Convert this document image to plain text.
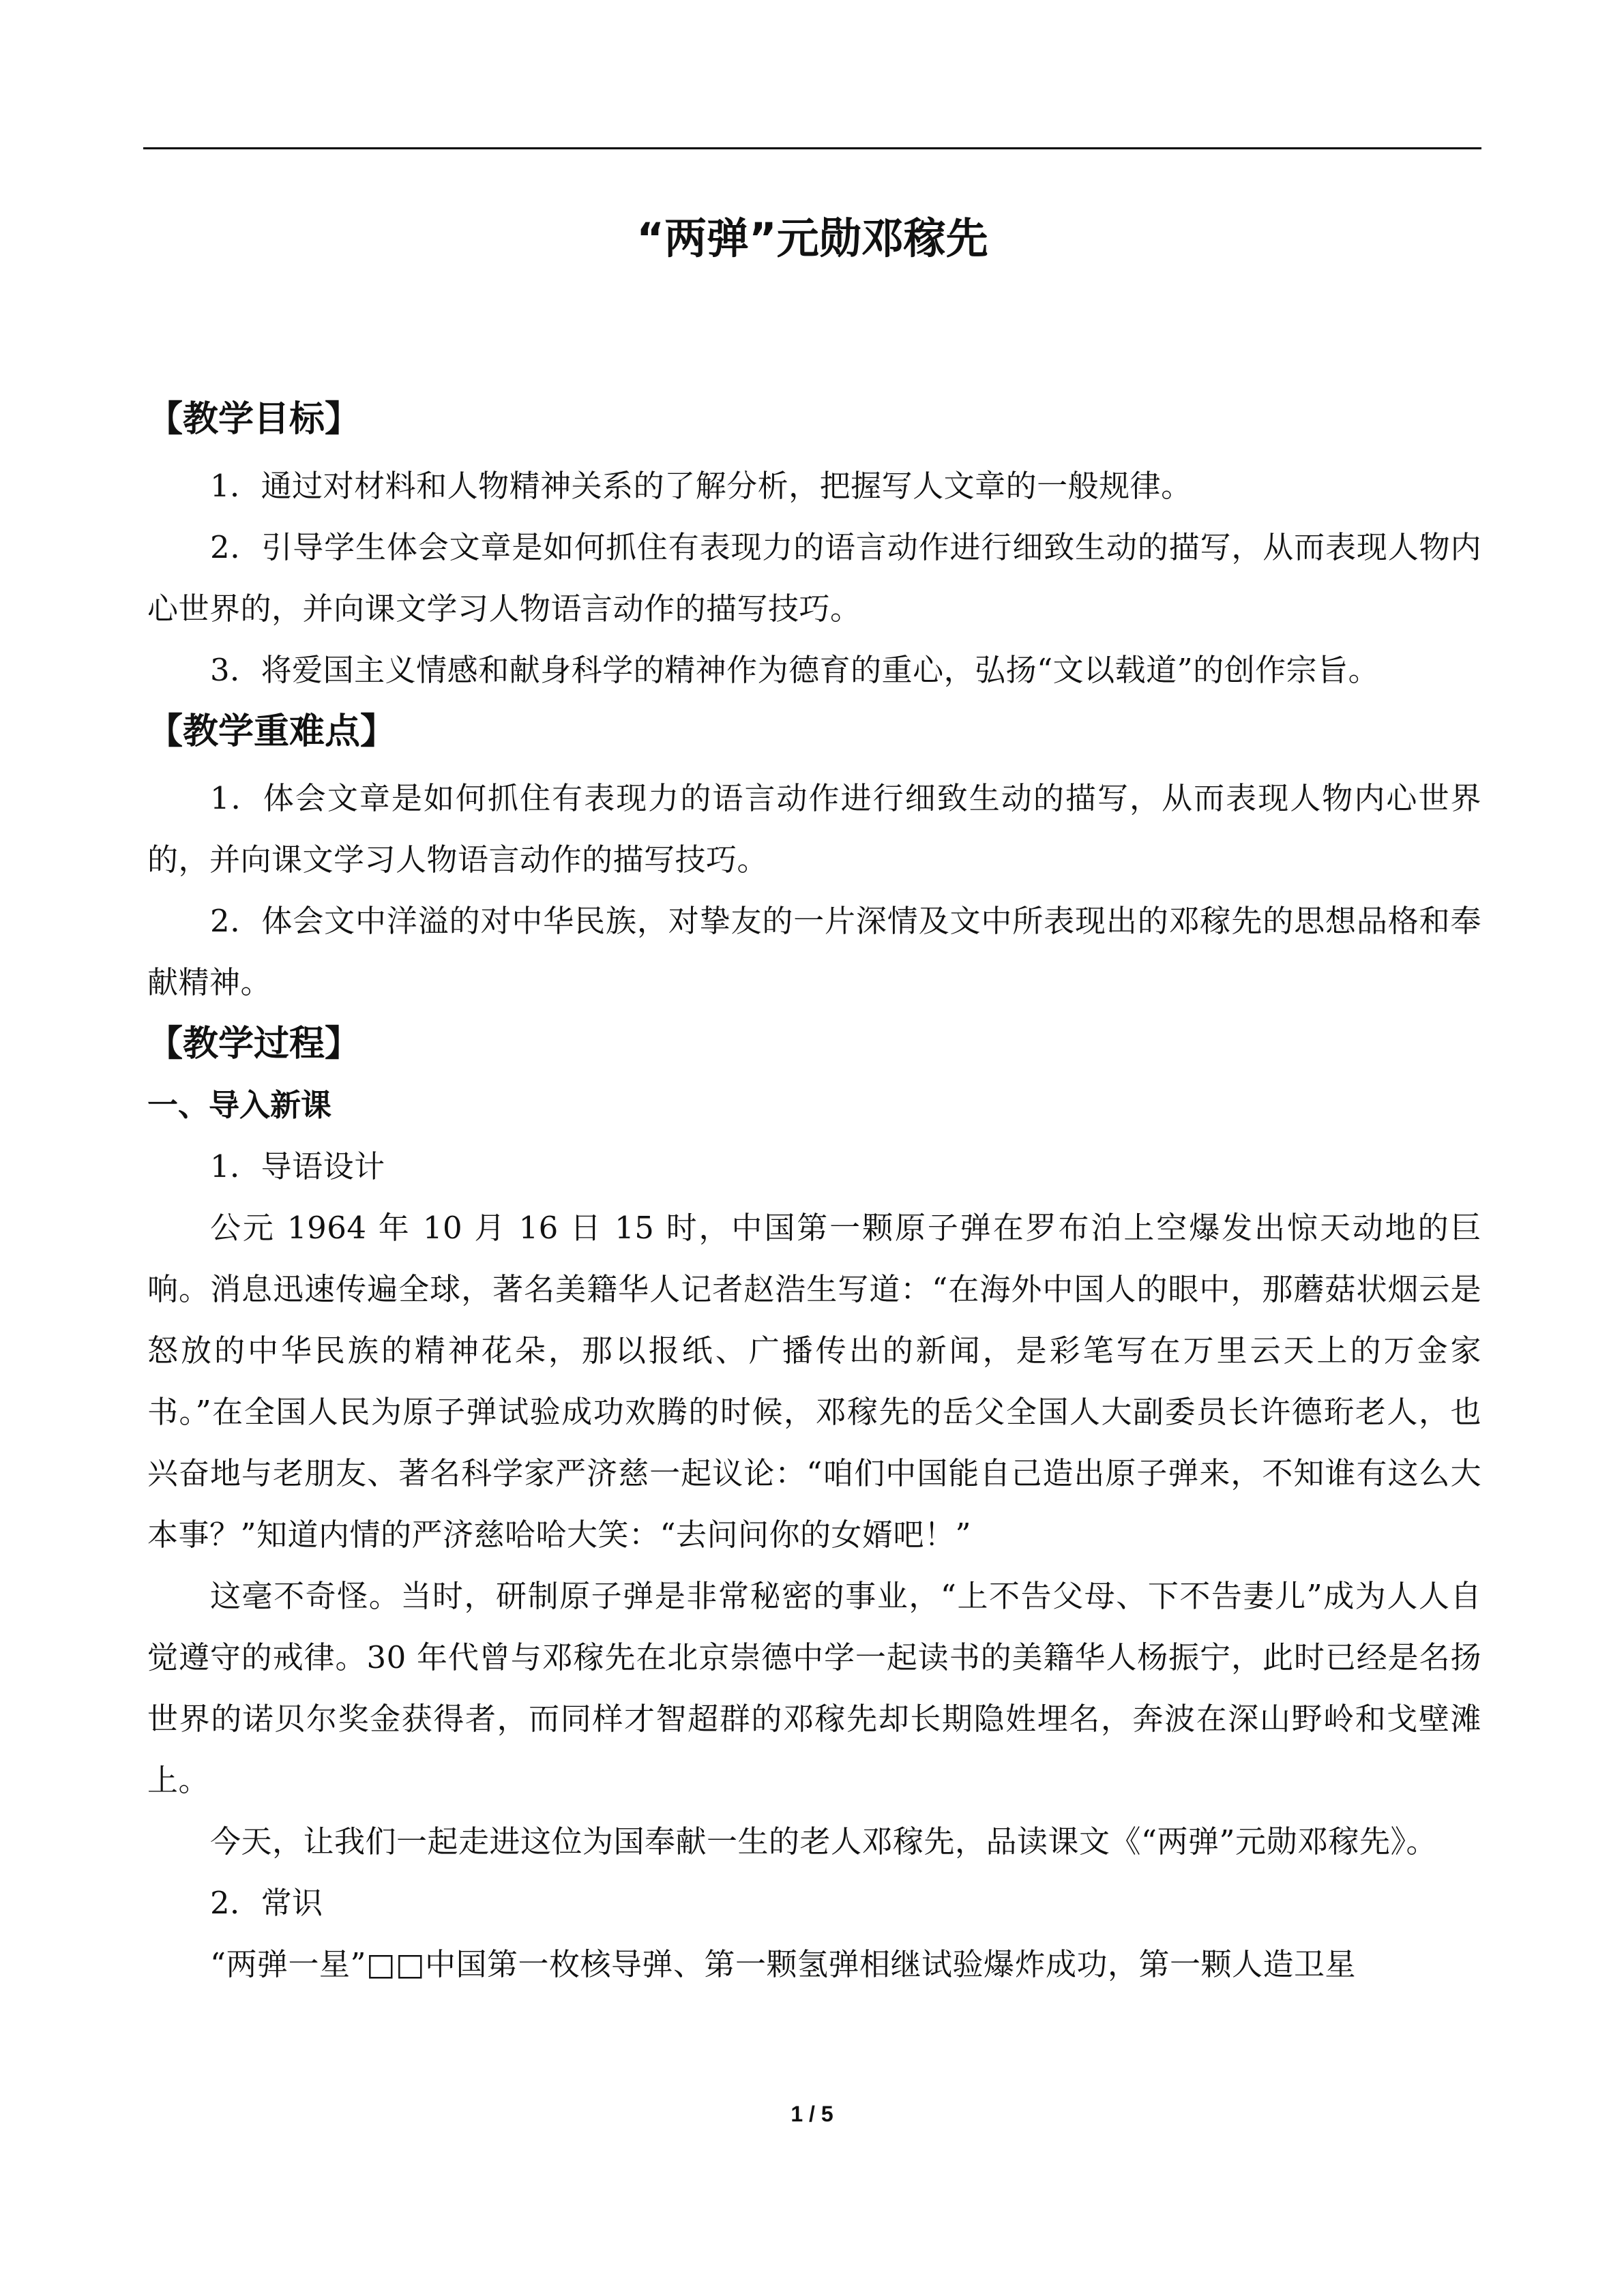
“两弹”元勋邓稼先
【教学目标】

1．通过对材料和人物精神关系的了解分析，把握写人文章的一般规律。

2．引导学生体会文章是如何抓住有表现力的语言动作进行细致生动的描写，从而表现人物内心世界的，并向课文学习人物语言动作的描写技巧。

3．将爱国主义情感和献身科学的精神作为德育的重心，弘扬“文以载道”的创作宗旨。

【教学重难点】

1．体会文章是如何抓住有表现力的语言动作进行细致生动的描写，从而表现人物内心世界的，并向课文学习人物语言动作的描写技巧。

2．体会文中洋溢的对中华民族，对挚友的一片深情及文中所表现出的邓稼先的思想品格和奉献精神。

【教学过程】
一、导入新课

1．导语设计

公元 1964 年 10 月 16 日 15 时，中国第一颗原子弹在罗布泊上空爆发出惊天动地的巨响。消息迅速传遍全球，著名美籍华人记者赵浩生写道：“在海外中国人的眼中，那蘑菇状烟云是怒放的中华民族的精神花朵，那以报纸、广播传出的新闻，是彩笔写在万里云天上的万金家书。”在全国人民为原子弹试验成功欢腾的时候，邓稼先的岳父全国人大副委员长许德珩老人，也兴奋地与老朋友、著名科学家严济慈一起议论：“咱们中国能自己造出原子弹来，不知谁有这么大本事？”知道内情的严济慈哈哈大笑：“去问问你的女婿吧！”

这毫不奇怪。当时，研制原子弹是非常秘密的事业，“上不告父母、下不告妻儿”成为人人自觉遵守的戒律。30 年代曾与邓稼先在北京崇德中学一起读书的美籍华人杨振宁，此时已经是名扬世界的诺贝尔奖金获得者，而同样才智超群的邓稼先却长期隐姓埋名，奔波在深山野岭和戈壁滩上。

今天，让我们一起走进这位为国奉献一生的老人邓稼先，品读课文《“两弹”元勋邓稼先》。

2．常识

“两弹一星”□□中国第一枚核导弹、第一颗氢弹相继试验爆炸成功，第一颗人造卫星

1 / 5
